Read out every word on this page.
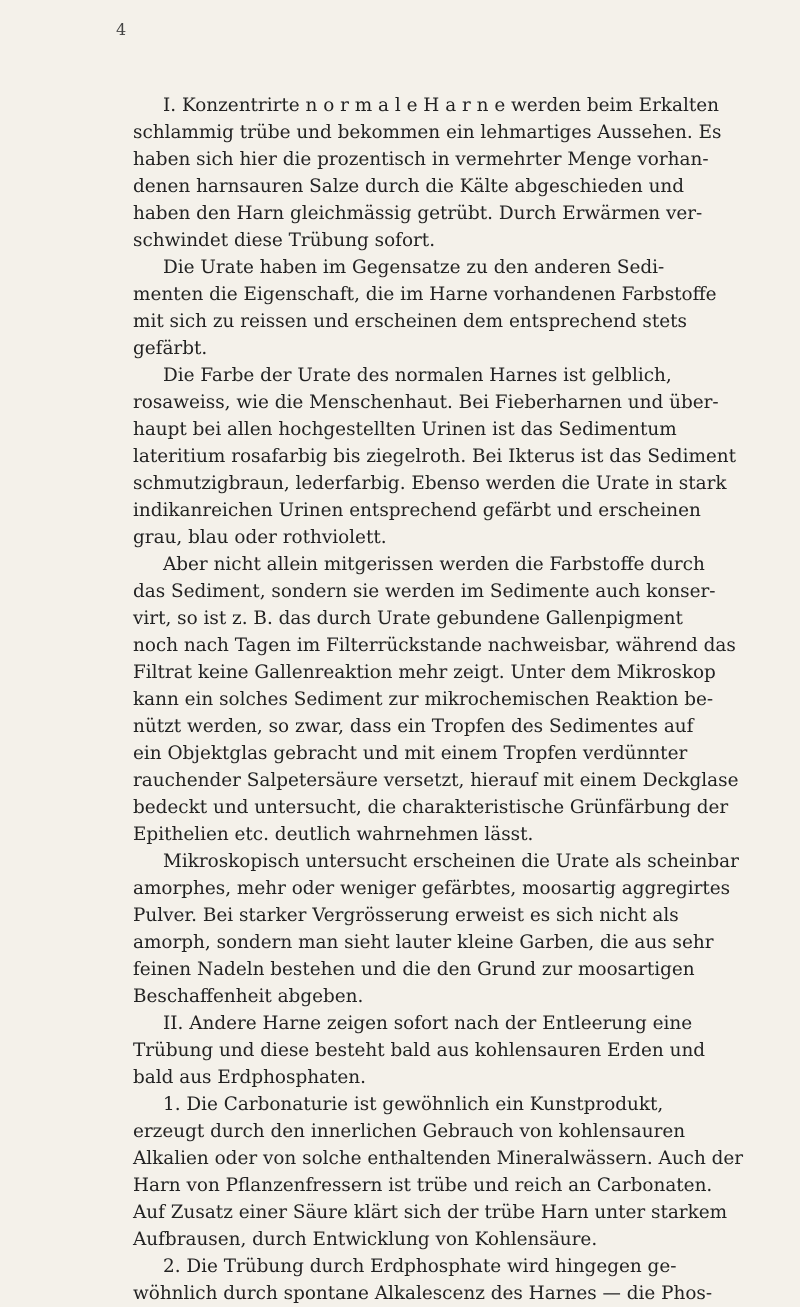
4
I. Konzentrirte n o r m a l e H a r n e werden beim Erkalten
schlammig trübe und bekommen ein lehmartiges Aussehen. Es
haben sich hier die prozentisch in vermehrter Menge vorhan-
denen harnsauren Salze durch die Kälte abgeschieden und
haben den Harn gleichmässig getrübt. Durch Erwärmen ver-
schwindet diese Trübung sofort.
Die Urate haben im Gegensatze zu den anderen Sedi-
menten die Eigenschaft, die im Harne vorhandenen Farbstoffe
mit sich zu reissen und erscheinen dem entsprechend stets
gefärbt.
Die Farbe der Urate des normalen Harnes ist gelblich,
rosaweiss, wie die Menschenhaut. Bei Fieberharnen und über-
haupt bei allen hochgestellten Urinen ist das Sedimentum
lateritium rosafarbig bis ziegelroth. Bei Ikterus ist das Sediment
schmutzigbraun, lederfarbig. Ebenso werden die Urate in stark
indikanreichen Urinen entsprechend gefärbt und erscheinen
grau, blau oder rothviolett.
Aber nicht allein mitgerissen werden die Farbstoffe durch
das Sediment, sondern sie werden im Sedimente auch konser-
virt, so ist z. B. das durch Urate gebundene Gallenpigment
noch nach Tagen im Filterrückstande nachweisbar, während das
Filtrat keine Gallenreaktion mehr zeigt. Unter dem Mikroskop
kann ein solches Sediment zur mikrochemischen Reaktion be-
nützt werden, so zwar, dass ein Tropfen des Sedimentes auf
ein Objektglas gebracht und mit einem Tropfen verdünnter
rauchender Salpetersäure versetzt, hierauf mit einem Deckglase
bedeckt und untersucht, die charakteristische Grünfärbung der
Epithelien etc. deutlich wahrnehmen lässt.
Mikroskopisch untersucht erscheinen die Urate als scheinbar
amorphes, mehr oder weniger gefärbtes, moosartig aggregirtes
Pulver. Bei starker Vergrösserung erweist es sich nicht als
amorph, sondern man sieht lauter kleine Garben, die aus sehr
feinen Nadeln bestehen und die den Grund zur moosartigen
Beschaffenheit abgeben.
II. Andere Harne zeigen sofort nach der Entleerung eine
Trübung und diese besteht bald aus kohlensauren Erden und
bald aus Erdphosphaten.
1. Die Carbonaturie ist gewöhnlich ein Kunstprodukt,
erzeugt durch den innerlichen Gebrauch von kohlensauren
Alkalien oder von solche enthaltenden Mineralwässern. Auch der
Harn von Pflanzenfressern ist trübe und reich an Carbonaten.
Auf Zusatz einer Säure klärt sich der trübe Harn unter starkem
Aufbrausen, durch Entwicklung von Kohlensäure.
2. Die Trübung durch Erdphosphate wird hingegen ge-
wöhnlich durch spontane Alkalescenz des Harnes — die Phos-
